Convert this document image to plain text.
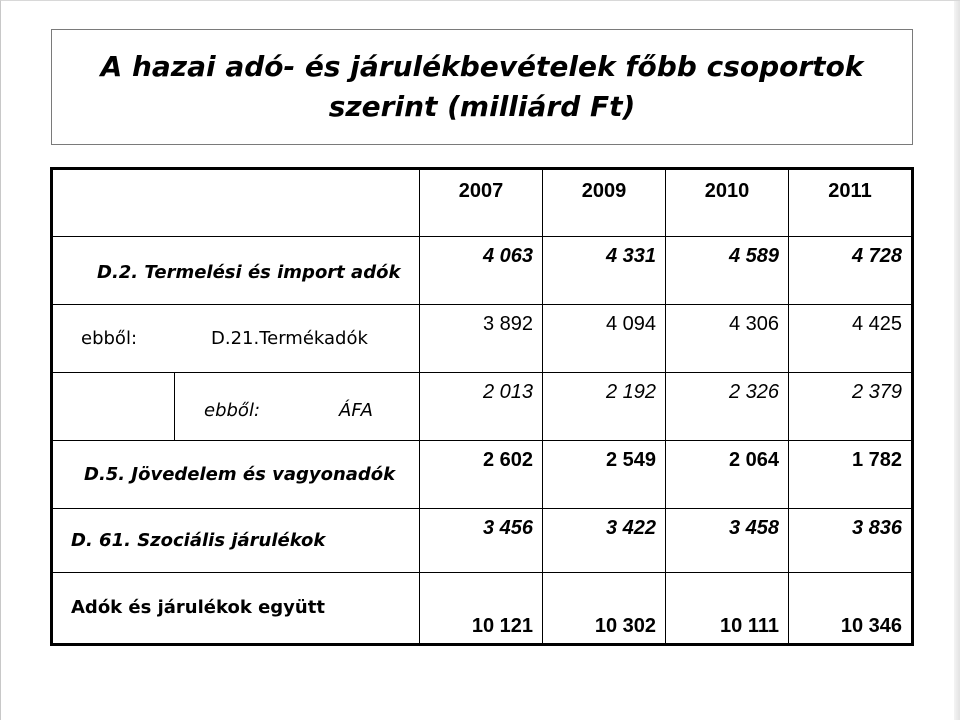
A hazai adó- és járulékbevételek főbb csoportok
szerint (milliárd Ft)
		2007	2009	2010	2011

D.2. Termelési és import adók		4 063	4 331	4 589	4 728

ebből: D.21.Termékadók		3 892	4 094	4 306	4 425

	ebből: ÁFA	2 013	2 192	2 326	2 379

D.5. Jövedelem és vagyonadók		2 602	2 549	2 064	1 782

D. 61. Szociális járulékok		3 456	3 422	3 458	3 836

Adók és járulékok együtt		10 121	10 302	10 111	10 346
